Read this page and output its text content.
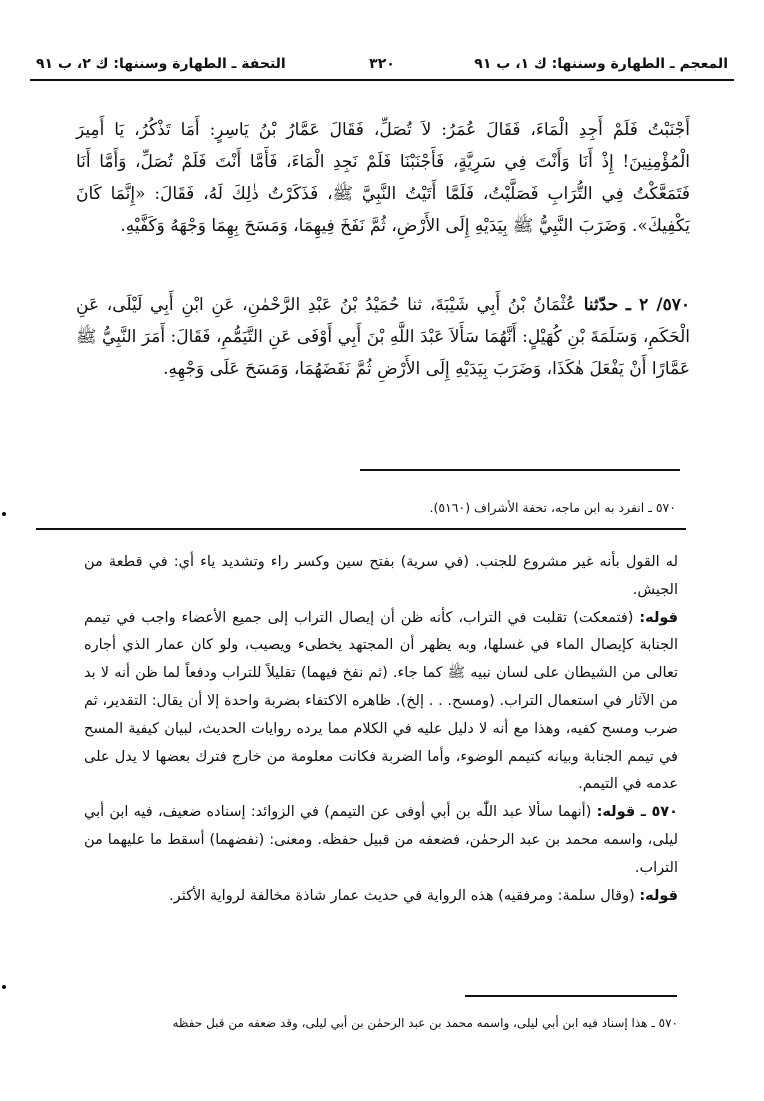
المعجم ـ الطهارة وسننها: ك ١، ب ٩١
٣٢٠
التحفة ـ الطهارة وسننها: ك ٢، ب ٩١
أَجْنَبْتُ فَلَمْ أَجِدِ الْمَاءَ، فَقَالَ عُمَرُ: لاَ تُصَلِّ، فَقَالَ عَمَّارُ بْنُ يَاسِرٍ: أَمَا تَذْكُرُ، يَا أَمِيرَ الْمُؤْمِنِينَ! إِذْ أَنَا وَأَنْتَ فِي سَرِيَّةٍ، فَأَجْنَبْنَا فَلَمْ نَجِدِ الْمَاءَ، فَأَمَّا أَنْتَ فَلَمْ تُصَلِّ، وَأَمَّا أَنَا فَتَمَعَّكْتُ فِي التُّرَابِ فَصَلَّيْتُ، فَلَمَّا أَتَيْتُ النَّبِيَّ ﷺ، فَذَكَرْتُ ذٰلِكَ لَهُ، فَقَالَ: «إِنَّمَا كَانَ يَكْفِيكَ». وَضَرَبَ النَّبِيُّ ﷺ بِيَدَيْهِ إِلَى الأَرْضِ، ثُمَّ نَفَخَ فِيهِمَا، وَمَسَحَ بِهِمَا وَجْهَهُ وَكَفَّيْهِ.
٥٧٠/ ٢ ـ حدّثنا عُثْمَانُ بْنُ أَبِي شَيْبَةَ، ثنا حُمَيْدُ بْنُ عَبْدِ الرَّحْمٰنِ، عَنِ ابْنِ أَبِي لَيْلَى، عَنِ الْحَكَمِ، وَسَلَمَةَ بْنِ كُهَيْلٍ: أَنَّهُمَا سَأَلاَ عَبْدَ اللَّهِ بْنَ أَبِي أَوْفَى عَنِ التَّيَمُّمِ، فَقَالَ: أَمَرَ النَّبِيُّ ﷺ عَمَّارًا أَنْ يَفْعَلَ هٰكَذَا، وَضَرَبَ بِيَدَيْهِ إِلَى الأَرْضِ ثُمَّ نَفَضَهُمَا، وَمَسَحَ عَلَى وَجْهِهِ.
٥٧٠ ـ انفرد به ابن ماجه، تحفة الأشراف (٥١٦٠).

له القول بأنه غير مشروع للجنب. (في سرية) بفتح سين وكسر راء وتشديد ياء أي: في قطعة من الجيش.

قوله: (فتمعكت) تقلبت في التراب، كأنه ظن أن إيصال التراب إلى جميع الأعضاء واجب في تيمم الجنابة كإيصال الماء في غسلها، وبه يظهر أن المجتهد يخطىء ويصيب، ولو كان عمار الذي أجاره تعالى من الشيطان على لسان نبيه ﷺ كما جاء. (ثم نفخ فيهما) تقليلاً للتراب ودفعاً لما ظن أنه لا بد من الآثار في استعمال التراب. (ومسح. . . إلخ). ظاهره الاكتفاء بضربة واحدة إلا أن يقال: التقدير، ثم ضرب ومسح كفيه، وهذا مع أنه لا دليل عليه في الكلام مما يرده روايات الحديث، لبيان كيفية المسح في تيمم الجنابة وبيانه كتيمم الوضوء، وأما الضربة فكانت معلومة من خارج فترك بعضها لا يدل على عدمه في التيمم.

٥٧٠ ـ قوله: (أنهما سألا عبد اللّٰه بن أبي أوفى عن التيمم) في الزوائد: إسناده ضعيف، فيه ابن أبي ليلى، واسمه محمد بن عبد الرحمٰن، فضعفه من قبيل حفظه. ومعنى: (نفضهما) أسقط ما عليهما من التراب.

قوله: (وقال سلمة: ومرفقيه) هذه الرواية في حديث عمار شاذة مخالفة لرواية الأكثر.

٥٧٠ ـ هذا إسناد فيه ابن أبي ليلى، واسمه محمد بن عبد الرحمٰن بن أبي ليلى، وقد ضعفه من قبل حفظه
